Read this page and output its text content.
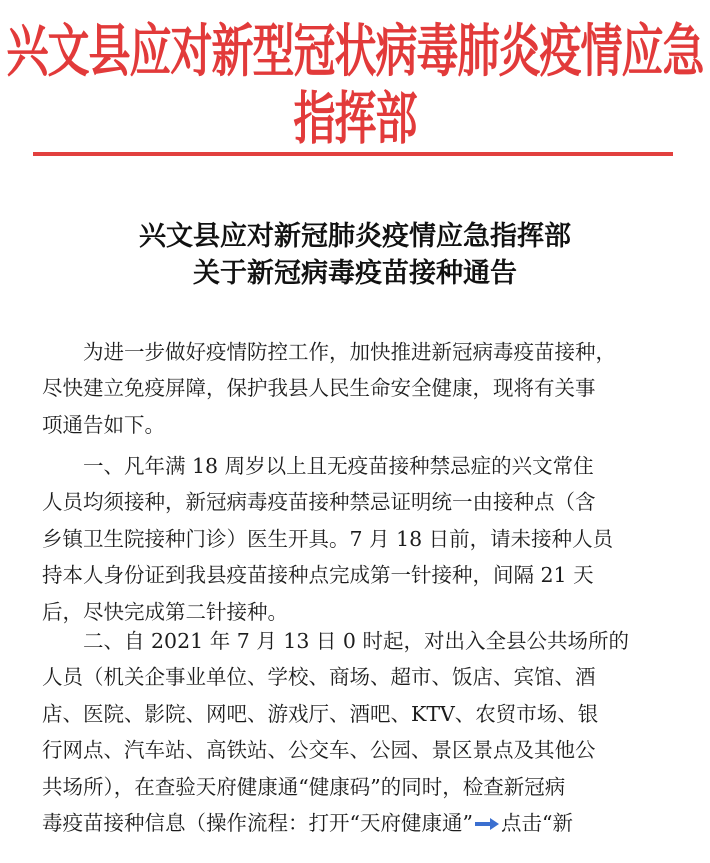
兴文县应对新型冠状病毒肺炎疫情应急指挥部
兴文县应对新冠肺炎疫情应急指挥部
关于新冠病毒疫苗接种通告
　　为进一步做好疫情防控工作，加快推进新冠病毒疫苗接种，
尽快建立免疫屏障，保护我县人民生命安全健康，现将有关事
项通告如下。
　　一、凡年满 18 周岁以上且无疫苗接种禁忌症的兴文常住
人员均须接种，新冠病毒疫苗接种禁忌证明统一由接种点（含
乡镇卫生院接种门诊）医生开具。7 月 18 日前，请未接种人员
持本人身份证到我县疫苗接种点完成第一针接种，间隔 21 天
后，尽快完成第二针接种。
　　二、自 2021 年 7 月 13 日 0 时起，对出入全县公共场所的
人员（机关企事业单位、学校、商场、超市、饭店、宾馆、酒
店、医院、影院、网吧、游戏厅、酒吧、KTV、农贸市场、银
行网点、汽车站、高铁站、公交车、公园、景区景点及其他公
共场所），在查验天府健康通“健康码”的同时，检查新冠病
毒疫苗接种信息（操作流程：打开“天府健康通” 点击“新
